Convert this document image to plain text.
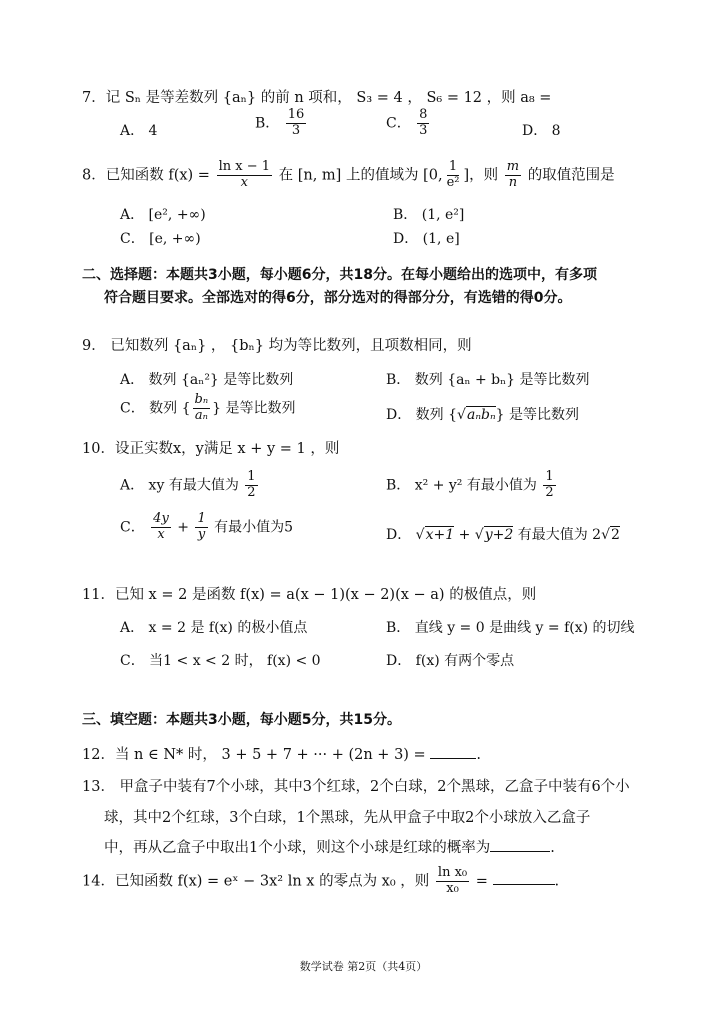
7．记 Sₙ 是等差数列 {aₙ} 的前 n 项和， S₃ = 4 ， S₆ = 12 ，则 a₈ =
A． 4	B． $\frac{16}{3}$	C． $\frac{8}{3}$	D． 8
8．已知函数 $f(x) = \frac{\text{ln x − 1}}{x}$ 在 [n, m] 上的值域为 [0, $\frac{1}{\text{e²}}$ ]，则 $\frac{m}{n}$ 的取值范围是
A． [e², +∞)	B． (1, e²]
C． [e, +∞)	D． (1, e]
二、选择题：本题共3小题，每小题6分，共18分。在每小题给出的选项中，有多项
符合题目要求。全部选对的得6分，部分选对的得部分分，有选错的得0分。
9． 已知数列 {aₙ} ， {bₙ} 均为等比数列，且项数相同，则
A． 数列 {aₙ²} 是等比数列	B． 数列 {aₙ + bₙ} 是等比数列
C． 数列 { $\frac{\text{bₙ}}{\text{aₙ}}$ } 是等比数列	D． 数列 {√aₙbₙ} 是等比数列
10．设正实数x，y满足 x + y = 1 ，则
A． xy 有最大值为 $\frac{1}{2}$	B． x² + y² 有最小值为 $\frac{1}{2}$
C． $\frac{4y}{x} + \frac{1}{y}$ 有最小值为5	D． √x+1 + √y+2 有最大值为 2√2
11．已知 x = 2 是函数 f(x) = a(x − 1)(x − 2)(x − a) 的极值点，则
A． x = 2 是 f(x) 的极小值点	B． 直线 y = 0 是曲线 y = f(x) 的切线
C． 当1 < x < 2 时， f(x) < 0	D． f(x) 有两个零点
三、填空题：本题共3小题，每小题5分，共15分。
12．当 n ∈ N* 时， 3 + 5 + 7 + ··· + (2n + 3) =	.
13． 甲盒子中装有7个小球，其中3个红球，2个白球，2个黑球，乙盒子中装有6个小
球，其中2个红球，3个白球，1个黑球，先从甲盒子中取2个小球放入乙盒子
中，再从乙盒子中取出1个小球，则这个小球是红球的概率为	.
14．已知函数 f(x) = eˣ − 3x² ln x 的零点为 x₀ ，则 $\frac{\text{ln x₀}}{\text{x₀}}$ =	.
数学试卷 第2页（共4页）
